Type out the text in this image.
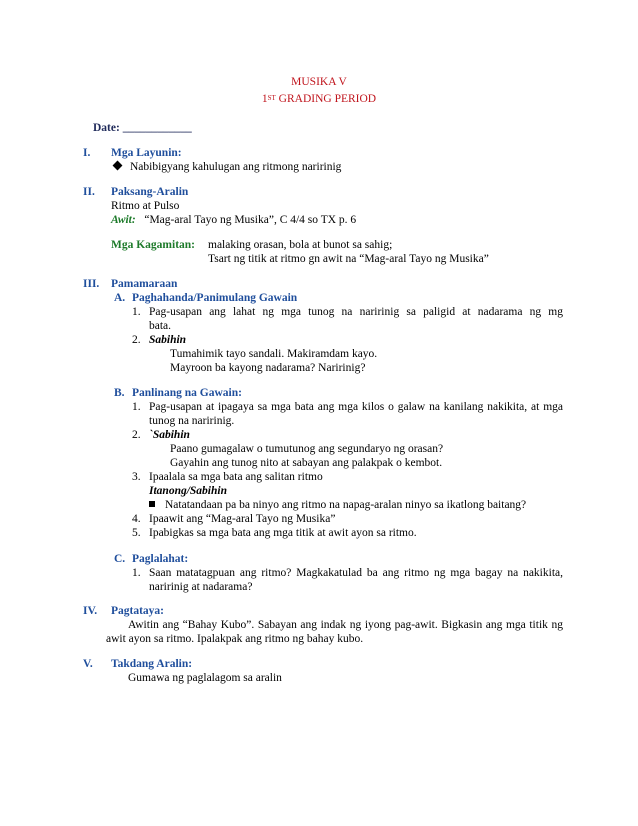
MUSIKA V
1ST GRADING PERIOD
Date: ____________
I. Mga Layunin:
Nabibigyang kahulugan ang ritmong naririnig
II. Paksang-Aralin
Ritmo at Pulso
Awit: “Mag-aral Tayo ng Musika”, C 4/4 so TX p. 6
Mga Kagamitan: malaking orasan, bola at bunot sa sahig;
Tsart ng titik at ritmo gn awit na “Mag-aral Tayo ng Musika”
III. Pamamaraan
A. Paghahanda/Panimulang Gawain
1. Pag-usapan ang lahat ng mga tunog na naririnig sa paligid at nadarama ng mg
bata.
2. Sabihin
Tumahimik tayo sandali. Makiramdam kayo.
Mayroon ba kayong nadarama? Naririnig?
B. Panlinang na Gawain:
1. Pag-usapan at ipagaya sa mga bata ang mga kilos o galaw na kanilang nakikita, at mga
tunog na naririnig.
2. `Sabihin
Paano gumagalaw o tumutunog ang segundaryo ng orasan?
Gayahin ang tunog nito at sabayan ang palakpak o kembot.
3. Ipaalala sa mga bata ang salitan ritmo
Itanong/Sabihin
Natatandaan pa ba ninyo ang ritmo na napag-aralan ninyo sa ikatlong baitang?
4. Ipaawit ang “Mag-aral Tayo ng Musika”
5. Ipabigkas sa mga bata ang mga titik at awit ayon sa ritmo.
C. Paglalahat:
1. Saan matatagpuan ang ritmo? Magkakatulad ba ang ritmo ng mga bagay na nakikita,
naririnig at nadarama?
IV. Pagtataya:
Awitin ang “Bahay Kubo”. Sabayan ang indak ng iyong pag-awit. Bigkasin ang mga titik ng
awit ayon sa ritmo. Ipalakpak ang ritmo ng bahay kubo.
V. Takdang Aralin:
Gumawa ng paglalagom sa aralin
